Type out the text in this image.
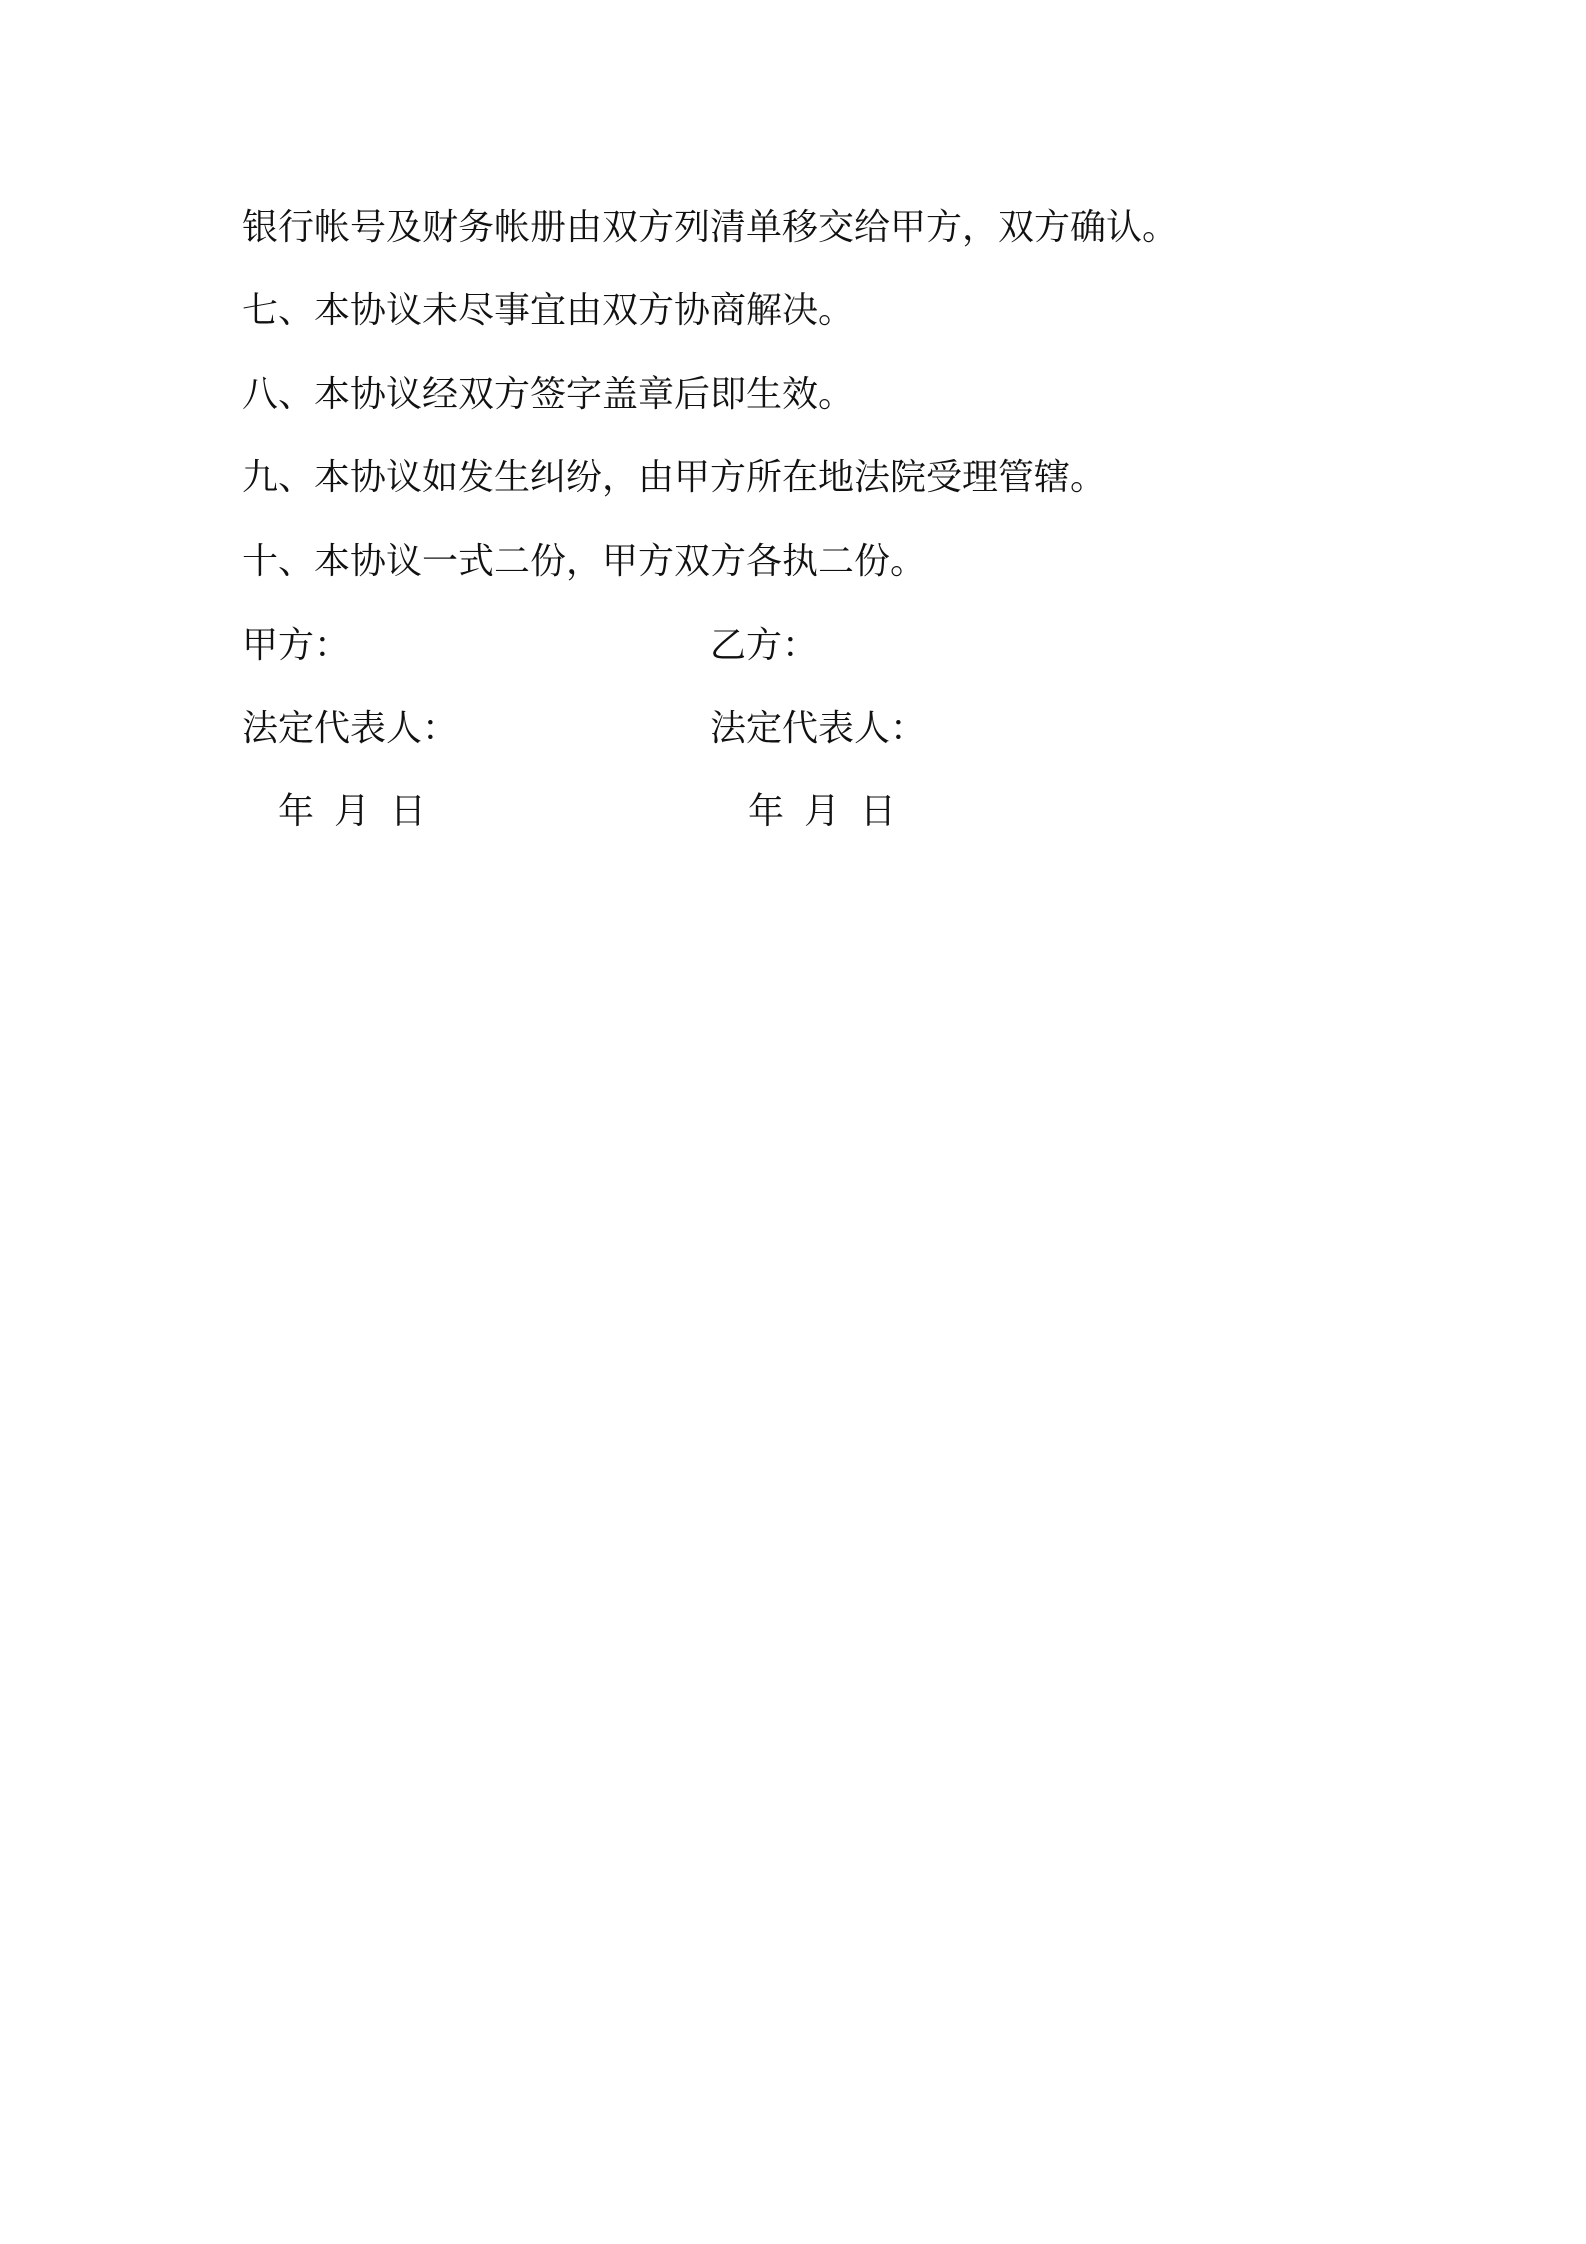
银行帐号及财务帐册由双方列清单移交给甲方，双方确认。
七、本协议未尽事宜由双方协商解决。
八、本协议经双方签字盖章后即生效。
九、本协议如发生纠纷，由甲方所在地法院受理管辖。
十、本协议一式二份，甲方双方各执二份。
甲方：	乙方：
法定代表人：	法定代表人：
年 月 日	年 月 日
